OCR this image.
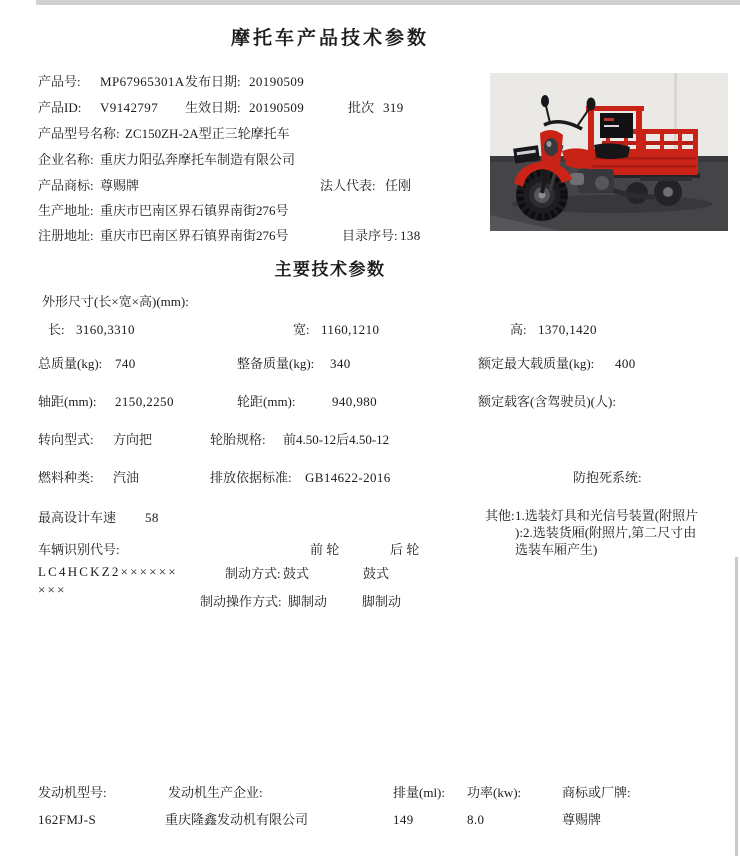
摩托车产品技术参数
产品号: MP67965301A 发布日期: 20190509
产品ID: V9142797 生效日期: 20190509	批次 319
产品型号名称: ZC150ZH-2A型正三轮摩托车
企业名称: 重庆力阳弘奔摩托车制造有限公司
产品商标: 尊赐牌	法人代表: 任刚
生产地址: 重庆市巴南区界石镇界南街276号
注册地址: 重庆市巴南区界石镇界南街276号	目录序号: 138
主要技术参数
外形尺寸(长×宽×高)(mm):
长: 3160,3310	宽: 1160,1210	高: 1370,1420
总质量(kg): 740	整备质量(kg): 340	额定最大载质量(kg): 400
轴距(mm): 2150,2250	轮距(mm):	940,980	额定载客(含驾驶员)(人):
转向型式: 方向把	轮胎规格: 前4.50-12后4.50-12
燃料种类: 汽油	排放依据标准: GB14622-2016	防抱死系统:
最高设计车速 58	其他: 1.选装灯具和光信号装置(附照片
):2.选装货厢(附照片,第二尺寸由
选装车厢产生)
车辆识别代号:	前 轮	后 轮
LC4HCKZ2××××××
×××
制动方式: 鼓式	鼓式
制动操作方式: 脚制动	脚制动
发动机型号:	发动机生产企业:	排量(ml): 功率(kw):	商标或厂牌:
162FMJ-S	重庆隆鑫发动机有限公司	149	8.0	尊赐牌
